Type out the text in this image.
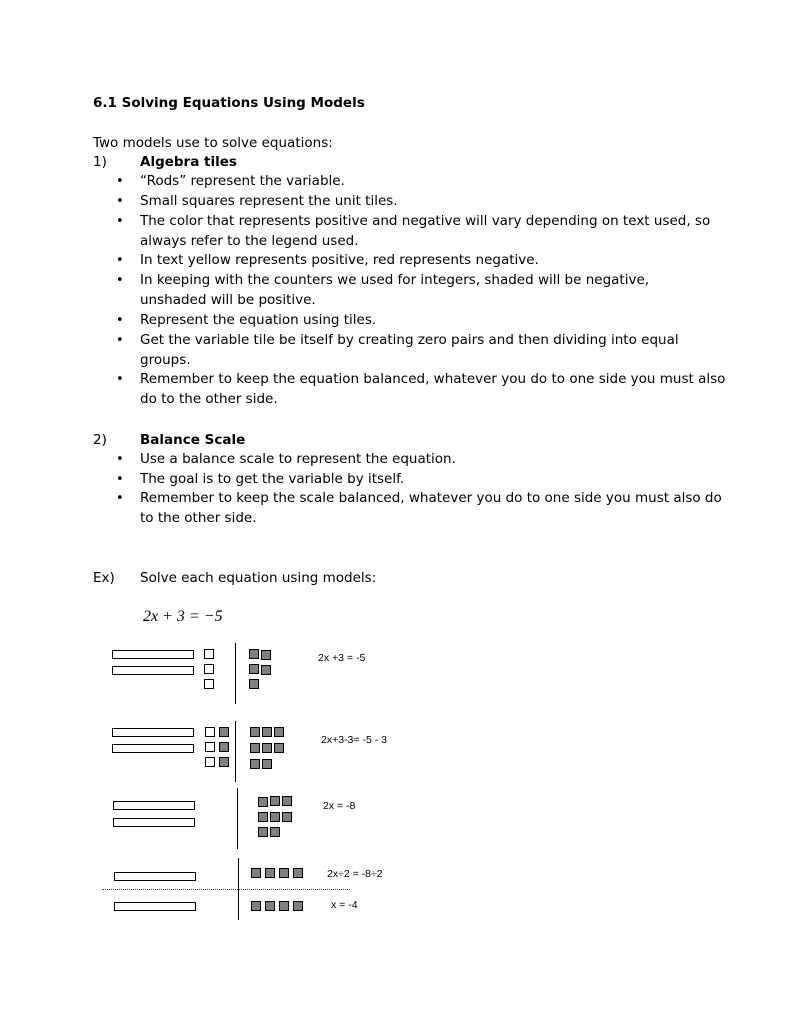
6.1 Solving Equations Using Models
Two models use to solve equations:
1) Algebra tiles
• “Rods” represent the variable.
• Small squares represent the unit tiles.
• The color that represents positive and negative will vary depending on text used, so
always refer to the legend used.
• In text yellow represents positive, red represents negative.
• In keeping with the counters we used for integers, shaded will be negative,
unshaded will be positive.
• Represent the equation using tiles.
• Get the variable tile be itself by creating zero pairs and then dividing into equal
groups.
• Remember to keep the equation balanced, whatever you do to one side you must also
do to the other side.
2) Balance Scale
• Use a balance scale to represent the equation.
• The goal is to get the variable by itself.
• Remember to keep the scale balanced, whatever you do to one side you must also do
to the other side.
Ex) Solve each equation using models:
2x + 3 = −5
2x +3 = -5
2x+3-3= -5 - 3
2x = -8
2x÷2 = -8÷2
x = -4
